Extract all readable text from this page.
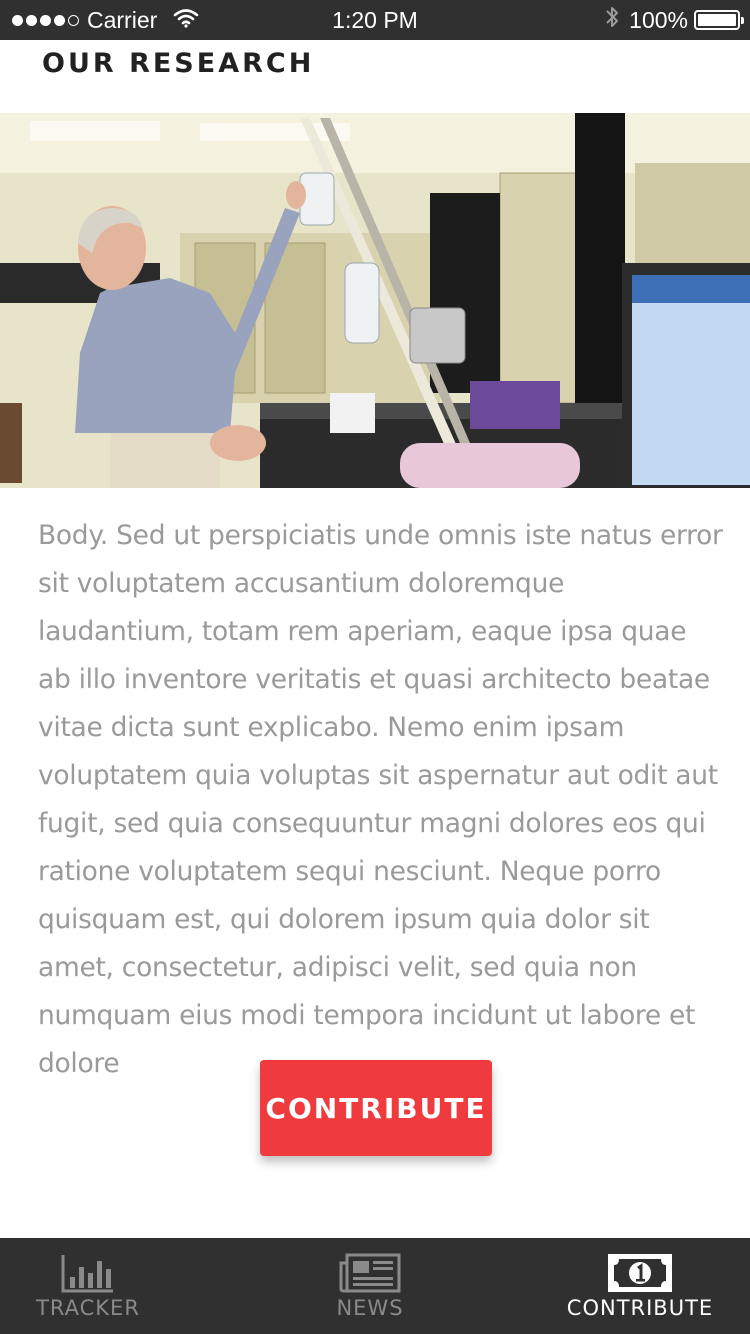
Carrier	1:20 PM	100%
OUR RESEARCH

Body. Sed ut perspiciatis unde omnis iste natus error sit voluptatem accusantium doloremque laudantium, totam rem aperiam, eaque ipsa quae ab illo inventore veritatis et quasi architecto beatae vitae dicta sunt explicabo. Nemo enim ipsam voluptatem quia voluptas sit aspernatur aut odit aut fugit, sed quia consequuntur magni dolores eos qui ratione voluptatem sequi nesciunt. Neque porro quisquam est, qui dolorem ipsum quia dolor sit amet, consectetur, adipisci velit, sed quia non numquam eius modi tempora incidunt ut labore et dolore

CONTRIBUTE
TRACKER	NEWS	CONTRIBUTE
